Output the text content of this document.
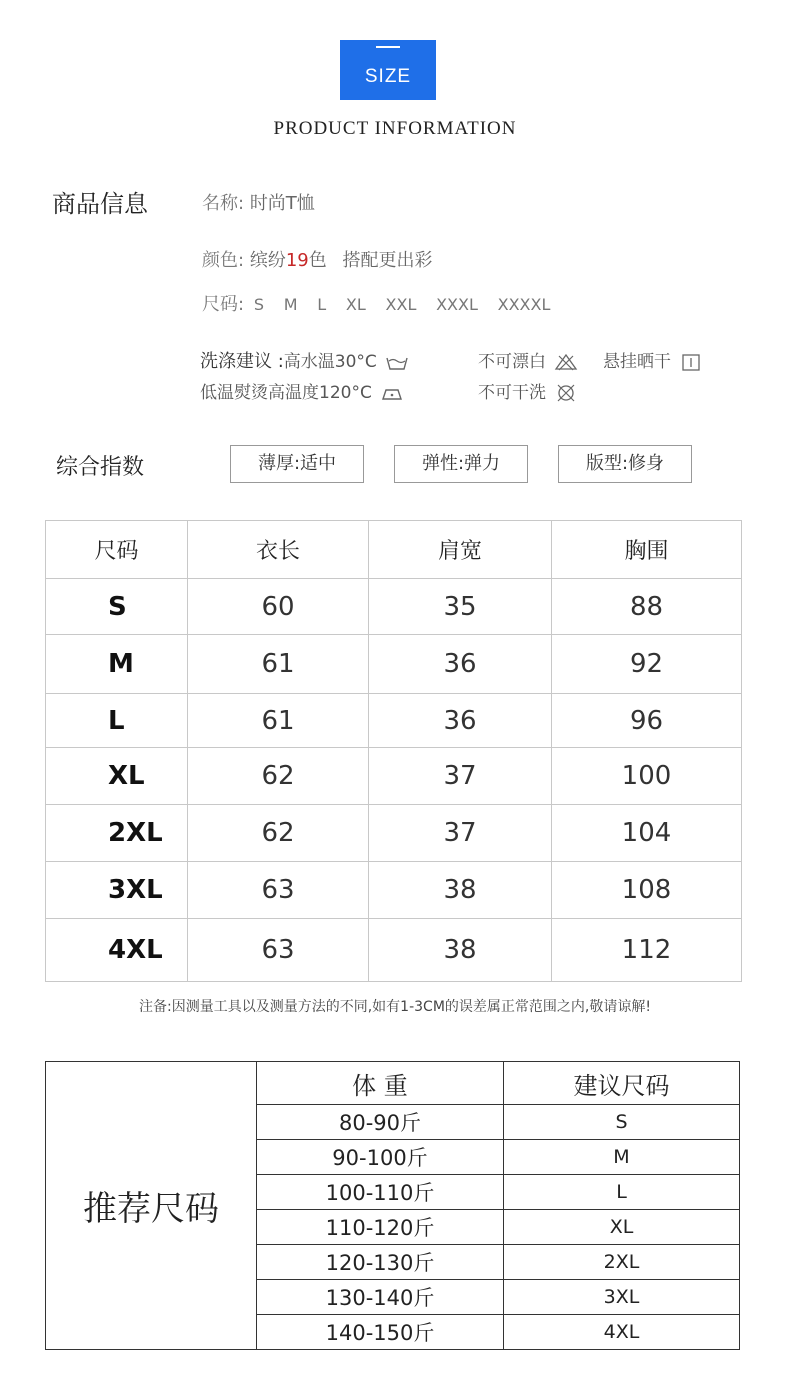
SIZE
PRODUCT INFORMATION
商品信息	名称: 时尚T恤
颜色: 缤纷19色 搭配更出彩
尺码: S M L XL XXL XXXL XXXXL
洗涤建议 :高水温30°C
低温熨烫高温度120°C
不可漂白	悬挂晒干
不可干洗
综合指数	薄厚:适中	弹性:弹力	版型:修身
尺码	衣长	肩宽	胸围
S	60	35	88
M	61	36	92
L	61	36	96
XL	62	37	100
2XL	62	37	104
3XL	63	38	108
4XL	63	38	112
注备:因测量工具以及测量方法的不同,如有1-3CM的误差属正常范围之内,敬请谅解!
推荐尺码	体 重	建议尺码
	80-90斤	S
	90-100斤	M
	100-110斤	L
	110-120斤	XL
	120-130斤	2XL
	130-140斤	3XL
	140-150斤	4XL
